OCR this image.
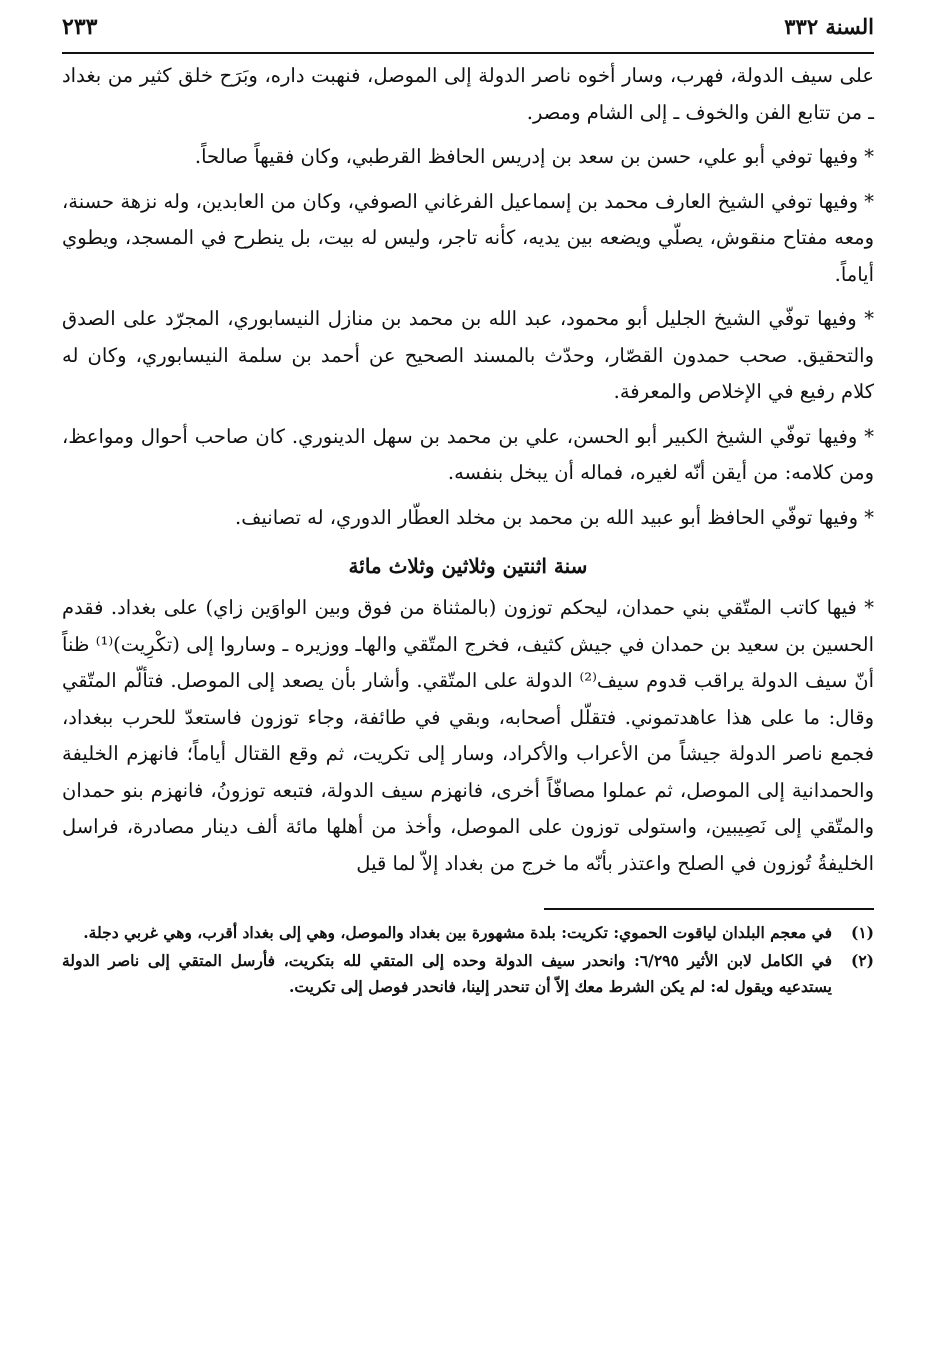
السنة ٣٣٢
٢٣٣

على سيف الدولة، فهرب، وسار أخوه ناصر الدولة إلى الموصل، فنهبت داره، وبَرَح خلق كثير من بغداد ـ من تتابع الفن والخوف ـ إلى الشام ومصر.

* وفيها توفي أبو علي، حسن بن سعد بن إدريس الحافظ القرطبي، وكان فقيهاً صالحاً.

* وفيها توفي الشيخ العارف محمد بن إسماعيل الفرغاني الصوفي، وكان من العابدين، وله نزهة حسنة، ومعه مفتاح منقوش، يصلّي ويضعه بين يديه، كأنه تاجر، وليس له بيت، بل ينطرح في المسجد، ويطوي أياماً.

* وفيها توفّي الشيخ الجليل أبو محمود، عبد الله بن محمد بن منازل النيسابوري، المجرّد على الصدق والتحقيق. صحب حمدون القصّار، وحدّث بالمسند الصحيح عن أحمد بن سلمة النيسابوري، وكان له كلام رفيع في الإخلاص والمعرفة.

* وفيها توفّي الشيخ الكبير أبو الحسن، علي بن محمد بن سهل الدينوري. كان صاحب أحوال ومواعظ، ومن كلامه: من أيقن أنّه لغيره، فماله أن يبخل بنفسه.

* وفيها توفّي الحافظ أبو عبيد الله بن محمد بن مخلد العطّار الدوري، له تصانيف.

سنة اثنتين وثلاثين وثلاث مائة

* فيها كاتب المتّقي بني حمدان، ليحكم توزون (بالمثناة من فوق وبين الواوَين زاي) على بغداد. فقدم الحسين بن سعيد بن حمدان في جيش كثيف، فخرج المتّقي والهاـ ووزيره ـ وساروا إلى (تكْرِيت)⁽¹⁾ ظناً أنّ سيف الدولة يراقب قدوم سيف⁽²⁾ الدولة على المتّقي. وأشار بأن يصعد إلى الموصل. فتألّم المتّقي وقال: ما على هذا عاهدتموني. فتقلّل أصحابه، وبقي في طائفة، وجاء توزون فاستعدّ للحرب ببغداد، فجمع ناصر الدولة جيشاً من الأعراب والأكراد، وسار إلى تكريت، ثم وقع القتال أياماً؛ فانهزم الخليفة والحمدانية إلى الموصل، ثم عملوا مصافّاً أخرى، فانهزم سيف الدولة، فتبعه توزونُ، فانهزم بنو حمدان والمتّقي إلى نَصِيبين، واستولى توزون على الموصل، وأخذ من أهلها مائة ألف دينار مصادرة، فراسل الخليفةُ تُوزون في الصلح واعتذر بأنّه ما خرج من بغداد إلاّ لما قيل

(١)
في معجم البلدان لياقوت الحموي: تكريت: بلدة مشهورة بين بغداد والموصل، وهي إلى بغداد أقرب، وهي غربي دجلة.
(٢)
في الكامل لابن الأثير ٦/٢٩٥: وانحدر سيف الدولة وحده إلى المتقي لله بتكريت، فأرسل المتقي إلى ناصر الدولة يستدعيه ويقول له: لم يكن الشرط معك إلاّ أن تنحدر إلينا، فانحدر فوصل إلى تكريت.
